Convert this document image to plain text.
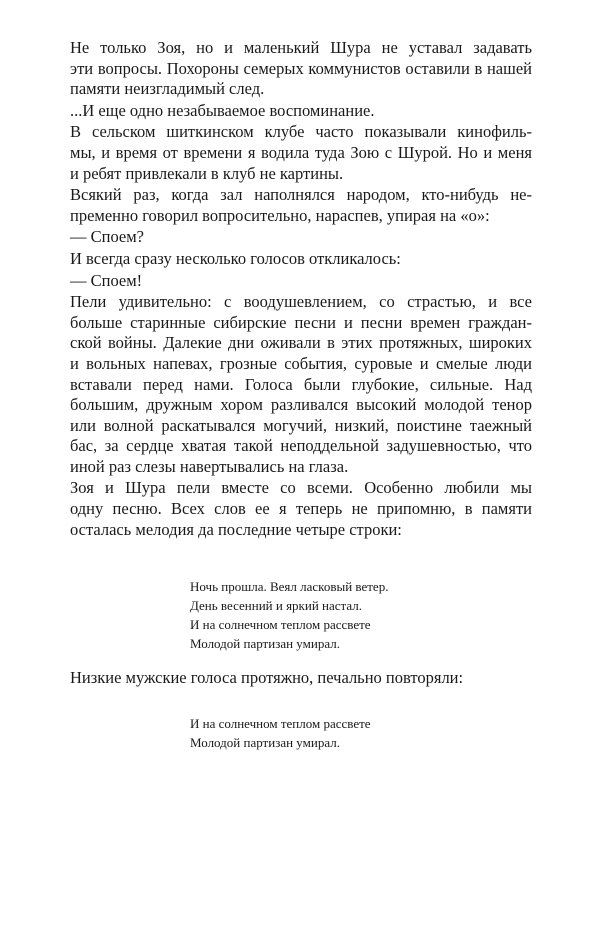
Не только Зоя, но и маленький Шура не уставал задавать
эти вопросы. Похороны семерых коммунистов оставили в нашей
памяти неизгладимый след.
...И еще одно незабываемое воспоминание.
В сельском шиткинском клубе часто показывали кинофиль-
мы, и время от времени я водила туда Зою с Шурой. Но и меня
и ребят привлекали в клуб не картины.
Всякий раз, когда зал наполнялся народом, кто-нибудь не-
пременно говорил вопросительно, нараспев, упирая на «о»:
— Споем?
И всегда сразу несколько голосов откликалось:
— Споем!
Пели удивительно: с воодушевлением, со страстью, и все
больше старинные сибирские песни и песни времен граждан-
ской войны. Далекие дни оживали в этих протяжных, широких
и вольных напевах, грозные события, суровые и смелые люди
вставали перед нами. Голоса были глубокие, сильные. Над
большим, дружным хором разливался высокий молодой тенор
или волной раскатывался могучий, низкий, поистине таежный
бас, за сердце хватая такой неподдельной задушевностью, что
иной раз слезы навертывались на глаза.
Зоя и Шура пели вместе со всеми. Особенно любили мы
одну песню. Всех слов ее я теперь не припомню, в памяти
осталась мелодия да последние четыре строки:
Ночь прошла. Веял ласковый ветер.
День весенний и яркий настал.
И на солнечном теплом рассвете
Молодой партизан умирал.
Низкие мужские голоса протяжно, печально повторяли:
И на солнечном теплом рассвете
Молодой партизан умирал.
